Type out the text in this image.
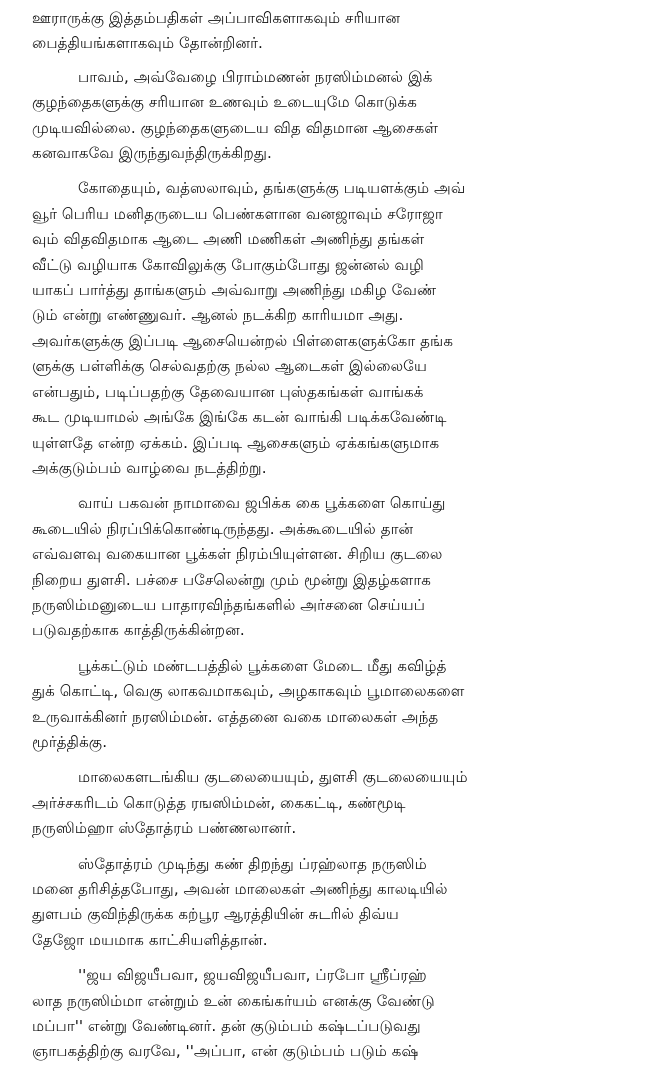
ஊராருக்கு இத்தம்பதிகள் அப்பாவிகளாகவும் சரியான
பைத்தியங்களாகவும் தோன்றினர்.
பாவம், அவ்வேழை பிராம்மணன் நரஸிம்மனல் இக்
குழந்தைகளுக்கு சரியான உணவும் உடையுமே கொடுக்க
முடியவில்லை. குழந்தைகளுடைய வித விதமான ஆசைகள்
கனவாகவே இருந்துவந்திருக்கிறது.
கோதையும், வத்ஸலாவும், தங்களுக்கு படியளக்கும் அவ்
வூர் பெரிய மனிதருடைய பெண்களான வனஜாவும் சரோஜா
வும் விதவிதமாக ஆடை அணி மணிகள் அணிந்து தங்கள்
வீட்டு வழியாக கோவிலுக்கு போகும்போது ஜன்னல் வழி
யாகப் பார்த்து தாங்களும் அவ்வாறு அணிந்து மகிழ வேண்
டும் என்று எண்ணுவர். ஆனல் நடக்கிற காரியமா அது.
அவர்களுக்கு இப்படி ஆசையென்றல் பிள்ளைகளுக்கோ தங்க
ளுக்கு பள்ளிக்கு செல்வதற்கு நல்ல ஆடைகள் இல்லையே
என்பதும், படிப்பதற்கு தேவையான புஸ்தகங்கள் வாங்கக்
கூட முடியாமல் அங்கே இங்கே கடன் வாங்கி படிக்கவேண்டி
யுள்ளதே என்ற ஏக்கம். இப்படி ஆசைகளும் ஏக்கங்களுமாக
அக்குடும்பம் வாழ்வை நடத்திற்று.
வாய் பகவன் நாமாவை ஜபிக்க கை பூக்களை கொய்து
கூடையில் நிரப்பிக்கொண்டிருந்தது. அக்கூடையில் தான்
எவ்வளவு வகையான பூக்கள் நிரம்பியுள்ளன. சிறிய குடலை
நிறைய துளசி. பச்சை பசேலென்று மும் மூன்று இதழ்களாக
நருஸிம்மனுடைய பாதாரவிந்தங்களில் அர்சனை செய்யப்
படுவதற்காக காத்திருக்கின்றன.
பூக்கட்டும் மண்டபத்தில் பூக்களை மேடை மீது கவிழ்த்
துக் கொட்டி, வெகு லாகவமாகவும், அழகாகவும் பூமாலைகளை
உருவாக்கினர் நரஸிம்மன். எத்தனை வகை மாலைகள் அந்த
மூர்த்திக்கு.
மாலைகளடங்கிய குடலையையும், துளசி குடலையையும்
அர்ச்சகரிடம் கொடுத்த ரஙஸிம்மன், கைகட்டி, கண்மூடி
நருஸிம்ஹா ஸ்தோத்ரம் பண்ணலானர்.
ஸ்தோத்ரம் முடிந்து கண் திறந்து ப்ரஹ்லாத நருஸிம்
மனை தரிசித்தபோது, அவன் மாலைகள் அணிந்து காலடியில்
துளபம் குவிந்திருக்க கற்பூர ஆரத்தியின் சுடரில் திவ்ய
தேஜோ மயமாக காட்சியளித்தான்.
''ஜய விஜயீபவா, ஜயவிஜயீபவா, ப்ரபோ ஸ்ரீப்ரஹ்
லாத நருஸிம்மா என்றும் உன் கைங்கர்யம் எனக்கு வேண்டு
மப்பா'' என்று வேண்டினர். தன் குடும்பம் கஷ்டப்படுவது
ஞாபகத்திற்கு வரவே, ''அப்பா, என் குடும்பம் படும் கஷ்
